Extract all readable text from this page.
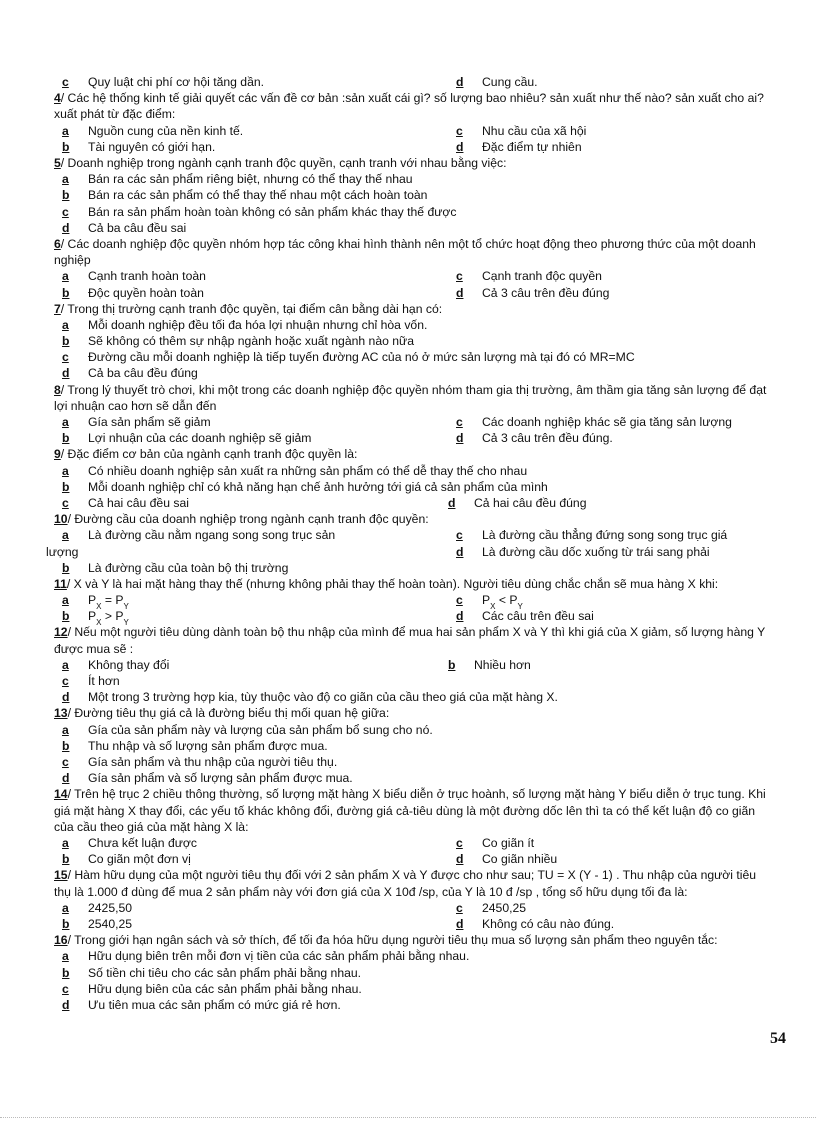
c Quy luật chi phí cơ hội tăng dần.	d Cung cầu.
4/ Các hệ thống kinh tế giải quyết các vấn đề cơ bản :sản xuất cái gì? số lượng bao nhiêu? sản xuất như thế nào? sản xuất cho ai? xuất phát từ đặc điểm:
a Nguồn cung của nền kinh tế.	c Nhu cầu của xã hội
b Tài nguyên có giới hạn.	d Đặc điểm tự nhiên
5/ Doanh nghiệp trong ngành cạnh tranh độc quyền, cạnh tranh với nhau bằng việc:
a Bán ra các sản phẩm riêng biệt, nhưng có thể thay thế nhau
b Bán ra các sản phẩm có thể thay thế nhau một cách hoàn toàn
c Bán ra sản phẩm hoàn toàn không có sản phẩm khác thay thế được
d Cả ba câu đều sai
6/ Các doanh nghiệp độc quyền nhóm hợp tác công khai hình thành nên một tổ chức hoạt động theo phương thức của một doanh nghiệp
a Cạnh tranh hoàn toàn	c Cạnh tranh độc quyền
b Độc quyền hoàn toàn	d Cả 3 câu trên đều đúng
7/ Trong thị trường cạnh tranh độc quyền, tại điểm cân bằng dài hạn có:
a Mỗi doanh nghiệp đều tối đa hóa lợi nhuận nhưng chỉ hòa vốn.
b Sẽ không có thêm sự nhập ngành hoặc xuất ngành nào nữa
c Đường cầu mỗi doanh nghiệp là tiếp tuyến đường AC của nó ở mức sản lượng mà tại đó có MR=MC
d Cả ba câu đều đúng
8/ Trong lý thuyết trò chơi, khi một trong các doanh nghiệp độc quyền nhóm tham gia thị trường, âm thầm gia tăng sản lượng để đạt lợi nhuận cao hơn sẽ dẫn đến
a Gía sản phẩm sẽ giảm	c Các doanh nghiệp khác sẽ gia tăng sản lượng
b Lợi nhuận của các doanh nghiệp sẽ giảm	d Cả 3 câu trên đều đúng.
9/ Đặc điểm cơ bản của ngành cạnh tranh độc quyền là:
a Có nhiều doanh nghiệp sản xuất ra những sản phẩm có thể dễ thay thế cho nhau
b Mỗi doanh nghiệp chỉ có khả năng hạn chế ảnh hưởng tới giá cả sản phẩm của mình
c Cả hai câu đều sai	d Cả hai câu đều đúng
10/ Đường cầu của doanh nghiệp trong ngành cạnh tranh độc quyền:
a Là đường cầu nằm ngang song song trục sản	c Là đường cầu thẳng đứng song song trục giá
lượng	d Là đường cầu dốc xuống từ trái sang phải
b Là đường cầu của toàn bộ thị trường
11/ X và Y là hai mặt hàng thay thế (nhưng không phải thay thế hoàn toàn). Người tiêu dùng chắc chắn sẽ mua hàng X khi:
a $P_X = P_Y$	c $P_X < P_Y$
b $P_X > P_Y$	d Các câu trên đều sai
12/ Nếu một người tiêu dùng dành toàn bộ thu nhập của mình để mua hai sản phẩm X và Y thì khi giá của X giảm, số lượng hàng Y được mua sẽ :
a Không thay đổi	b Nhiều hơn
c Ít hơn
d Một trong 3 trường hợp kia, tùy thuộc vào độ co giãn của cầu theo giá của mặt hàng X.
13/ Đường tiêu thụ giá cả là đường biểu thị mối quan hệ giữa:
a Gía của sản phẩm này và lượng của sản phẩm bổ sung cho nó.
b Thu nhập và số lượng sản phẩm được mua.
c Gía sản phẩm và thu nhập của người tiêu thụ.
d Gía sản phẩm và số lượng sản phẩm được mua.
14/ Trên hệ trục 2 chiều thông thường, số lượng mặt hàng X biểu diễn ở trục hoành, số lượng mặt hàng Y biểu diễn ở trục tung. Khi giá mặt hàng X thay đổi, các yếu tố khác không đổi, đường giá cả-tiêu dùng là một đường dốc lên thì ta có thể kết luận độ co giãn của cầu theo giá của mặt hàng X là:
a Chưa kết luận được	c Co giãn ít
b Co giãn một đơn vị	d Co giãn nhiều
15/ Hàm hữu dụng của một người tiêu thụ đối với 2 sản phẩm X và Y được cho như sau; TU = X (Y - 1) . Thu nhập của người tiêu thụ là 1.000 đ dùng để mua 2 sản phẩm này với đơn giá của X 10đ /sp, của Y là 10 đ /sp , tổng số hữu dụng tối đa là:
a 2425,50	c 2450,25
b 2540,25	d Không có câu nào đúng.
16/ Trong giới hạn ngân sách và sở thích, để tối đa hóa hữu dụng người tiêu thụ mua số lượng sản phẩm theo nguyên tắc:
a Hữu dụng biên trên mỗi đơn vị tiền của các sản phẩm phải bằng nhau.
b Số tiền chi tiêu cho các sản phẩm phải bằng nhau.
c Hữu dụng biên của các sản phẩm phải bằng nhau.
d Ưu tiên mua các sản phẩm có mức giá rẻ hơn.
54
